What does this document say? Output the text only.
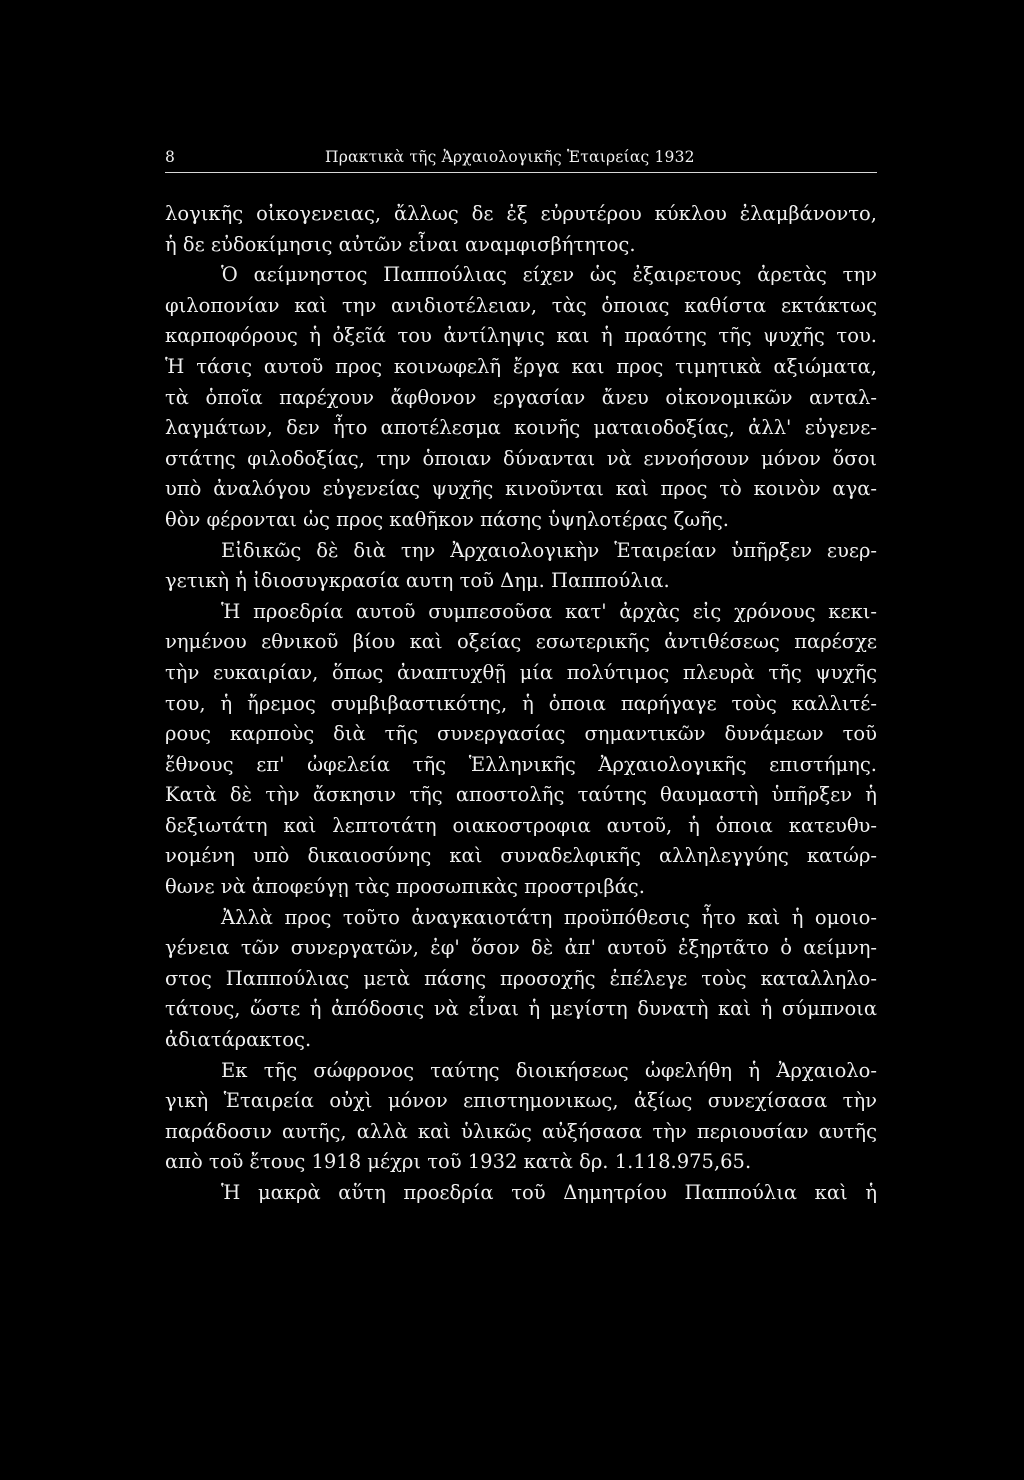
8	Πρακτικὰ τῆς Ἀρχαιολογικῆς Ἑταιρείας 1932
λογικῆς οἰκογενειας, ἄλλως δε ἐξ εὐρυτέρου κύκλου ἐλαμβάνοντο,
ἡ δε εὐδοκίμησις αὐτῶν εἶναι αναμφισβήτητος.
Ὁ αείμνηστος Παππούλιας είχεν ὡς ἐξαιρετους ἀρετὰς την
φιλοπονίαν καὶ την ανιδιοτέλειαν, τὰς ὁποιας καθίστα εκτάκτως
καρποφόρους ἡ ὀξεῖά του ἀντίληψις και ἡ πραότης τῆς ψυχῆς του.
Ἡ τάσις αυτοῦ προς κοινωφελῆ ἔργα και προς τιμητικὰ αξιώματα,
τὰ ὁποῖα παρέχουν ἄφθονον εργασίαν ἄνευ οἰκονομικῶν ανταλ-
λαγμάτων, δεν ἦτο αποτέλεσμα κοινῆς ματαιοδοξίας, ἀλλ' εὐγενε-
στάτης φιλοδοξίας, την ὁποιαν δύνανται νὰ εννοήσουν μόνον ὅσοι
υπὸ ἀναλόγου εὐγενείας ψυχῆς κινοῦνται καὶ προς τὸ κοινὸν αγα-
θὸν φέρονται ὡς προς καθῆκον πάσης ὑψηλοτέρας ζωῆς.
Εἰδικῶς δὲ διὰ την Ἀρχαιολογικὴν Ἑταιρείαν ὑπῆρξεν ευερ-
γετικὴ ἡ ἰδιοσυγκρασία αυτη τοῦ Δημ. Παππούλια.
Ἡ προεδρία αυτοῦ συμπεσοῦσα κατ' ἀρχὰς εἰς χρόνους κεκι-
νημένου εθνικοῦ βίου καὶ οξείας εσωτερικῆς ἀντιθέσεως παρέσχε
τὴν ευκαιρίαν, ὅπως ἀναπτυχθῇ μία πολύτιμος πλευρὰ τῆς ψυχῆς
του, ἡ ἤρεμος συμβιβαστικότης, ἡ ὁποια παρήγαγε τοὺς καλλιτέ-
ρους καρποὺς διὰ τῆς συνεργασίας σημαντικῶν δυνάμεων τοῦ
ἔθνους επ' ὠφελεία τῆς Ἑλληνικῆς Ἀρχαιολογικῆς επιστήμης.
Κατὰ δὲ τὴν ἄσκησιν τῆς αποστολῆς ταύτης θαυμαστὴ ὑπῆρξεν ἡ
δεξιωτάτη καὶ λεπτοτάτη οιακοστροφια αυτοῦ, ἡ ὁποια κατευθυ-
νομένη υπὸ δικαιοσύνης καὶ συναδελφικῆς αλληλεγγύης κατώρ-
θωνε νὰ ἀποφεύγῃ τὰς προσωπικὰς προστριβάς.
Ἀλλὰ προς τοῦτο ἀναγκαιοτάτη προϋπόθεσις ἦτο καὶ ἡ ομοιο-
γένεια τῶν συνεργατῶν, ἐφ' ὅσον δὲ ἀπ' αυτοῦ ἐξηρτᾶτο ὁ αείμνη-
στος Παππούλιας μετὰ πάσης προσοχῆς ἐπέλεγε τοὺς καταλληλο-
τάτους, ὥστε ἡ ἀπόδοσις νὰ εἶναι ἡ μεγίστη δυνατὴ καὶ ἡ σύμπνοια
ἀδιατάρακτος.
Εκ τῆς σώφρονος ταύτης διοικήσεως ὠφελήθη ἡ Ἀρχαιολο-
γικὴ Ἑταιρεία οὐχὶ μόνον επιστημονικως, ἀξίως συνεχίσασα τὴν
παράδοσιν αυτῆς, αλλὰ καὶ ὑλικῶς αὐξήσασα τὴν περιουσίαν αυτῆς
απὸ τοῦ ἔτους 1918 μέχρι τοῦ 1932 κατὰ δρ. 1.118.975,65.
Ἡ μακρὰ αὕτη προεδρία τοῦ Δημητρίου Παππούλια καὶ ἡ
